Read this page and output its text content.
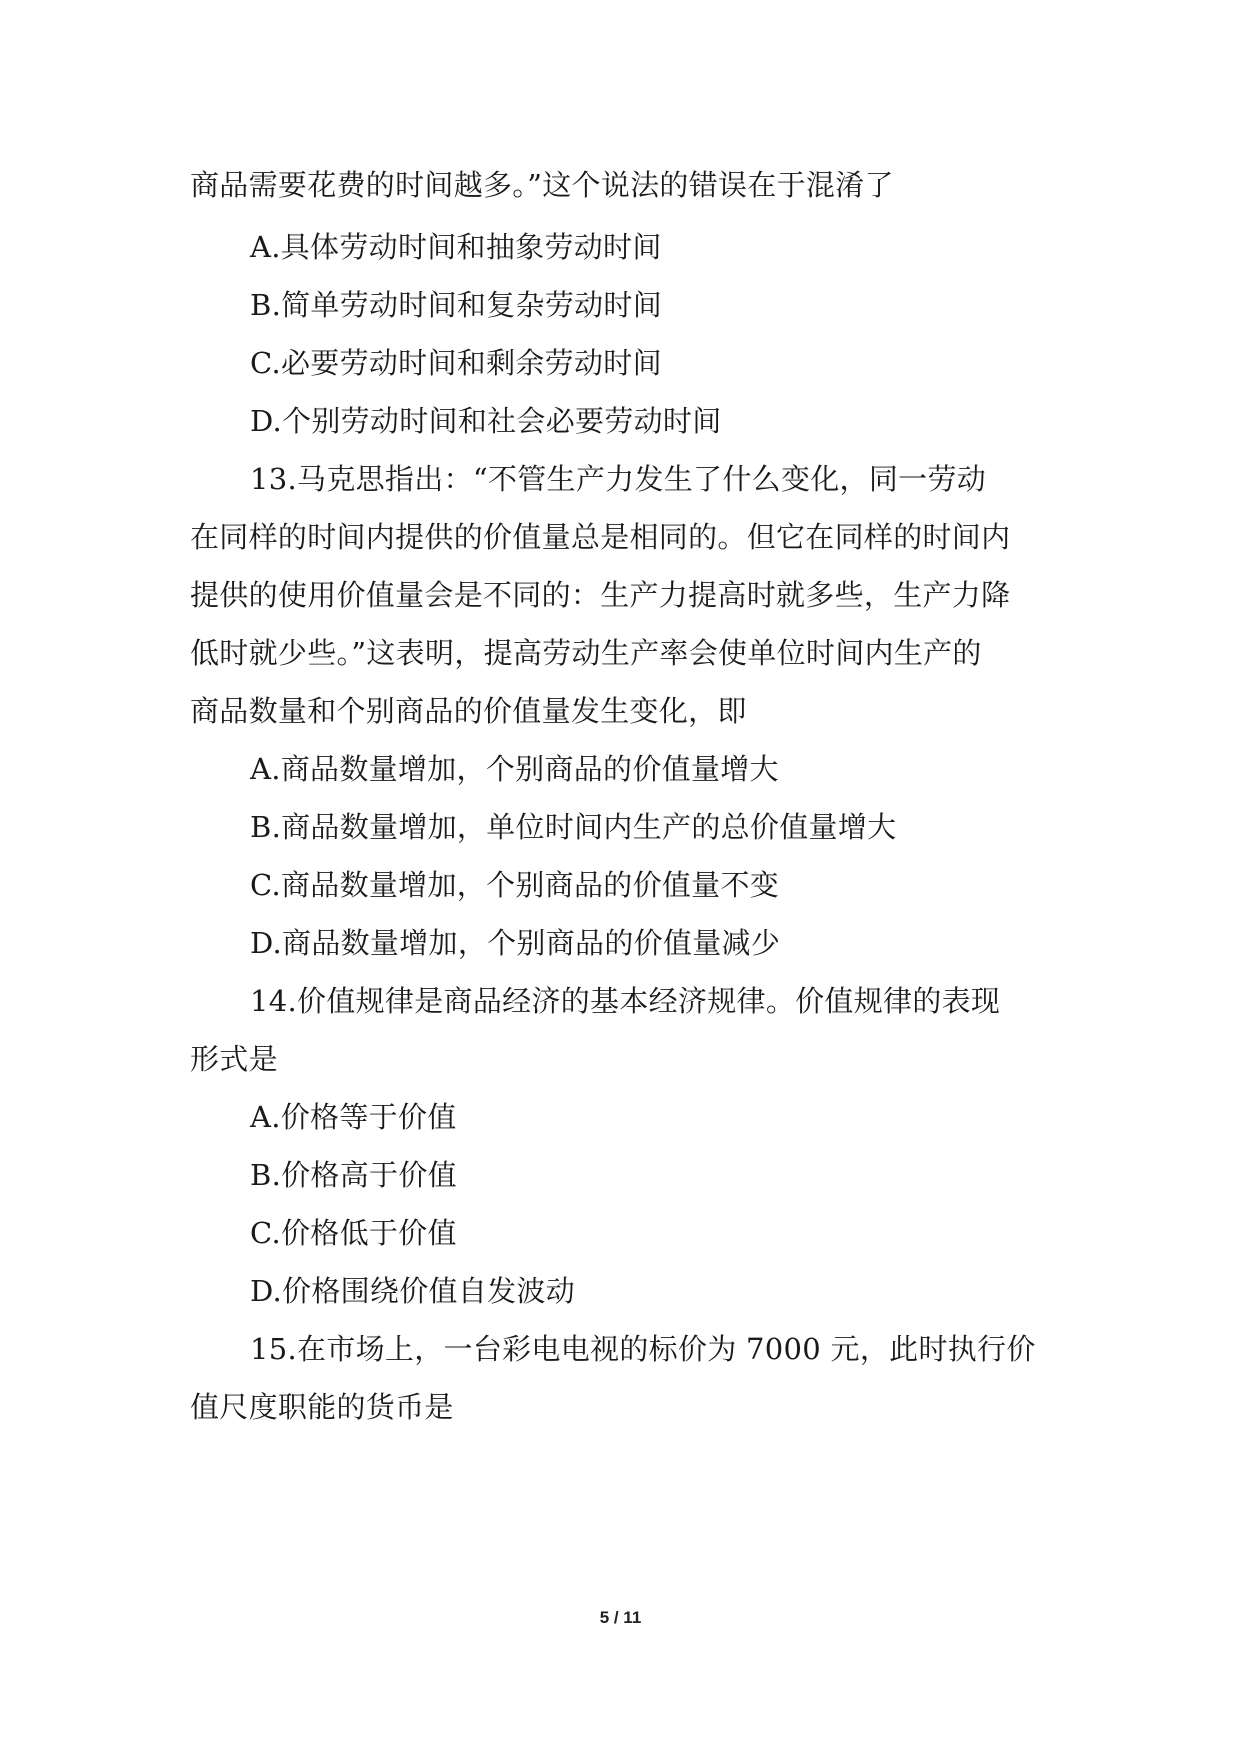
商品需要花费的时间越多。”这个说法的错误在于混淆了
A.具体劳动时间和抽象劳动时间
B.简单劳动时间和复杂劳动时间
C.必要劳动时间和剩余劳动时间
D.个别劳动时间和社会必要劳动时间
13.马克思指出：“不管生产力发生了什么变化，同一劳动
在同样的时间内提供的价值量总是相同的。但它在同样的时间内
提供的使用价值量会是不同的：生产力提高时就多些，生产力降
低时就少些。”这表明，提高劳动生产率会使单位时间内生产的
商品数量和个别商品的价值量发生变化，即
A.商品数量增加，个别商品的价值量增大
B.商品数量增加，单位时间内生产的总价值量增大
C.商品数量增加，个别商品的价值量不变
D.商品数量增加，个别商品的价值量减少
14.价值规律是商品经济的基本经济规律。价值规律的表现
形式是
A.价格等于价值
B.价格高于价值
C.价格低于价值
D.价格围绕价值自发波动
15.在市场上，一台彩电电视的标价为 7000 元，此时执行价
值尺度职能的货币是
5 / 11
